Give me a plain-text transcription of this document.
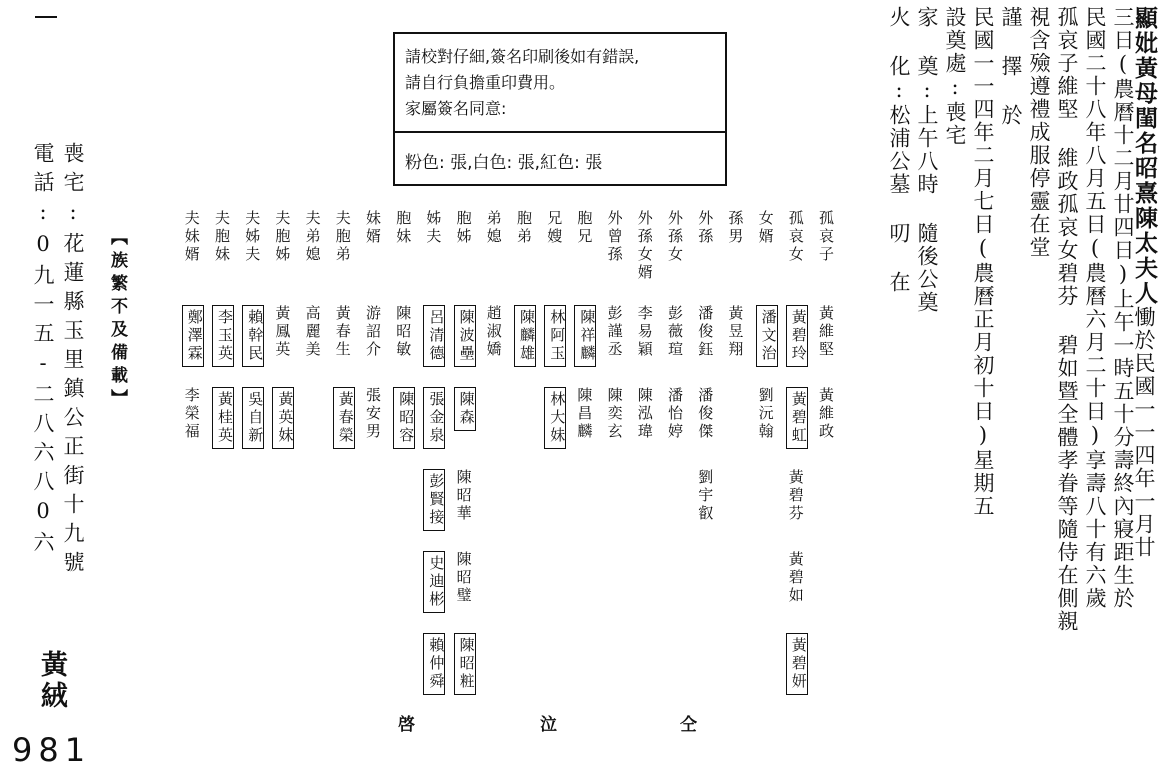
顯妣黃母閨名昭熹陳太夫人慟於民國一一四年一月廿
三日(農曆十二月廿四日)上午一時五十分壽終內寢距生於
民國二十八年八月五日(農曆六月二十日)享壽八十有六歲
孤哀子維堅 維政孤哀女碧芬 碧如暨全體孝眷等隨侍在側親
視含殮遵禮成服停靈在堂
謹 擇 於
民國一一四年二月七日(農曆正月初十日)星期五
設奠處:喪宅
家 奠:上午八時 隨後公奠
火 化:松浦公墓 叨 在
請校對仔細,簽名印刷後如有錯誤,
請自行負擔重印費用。
家屬簽名同意:
粉色: 張,白色: 張,紅色: 張
孤哀子
黃維堅
黃維政
孤哀女
黃碧玲
黃碧虹
黃碧芬
黃碧如
黃碧妍
女婿
潘文治
劉沅翰
孫男
黃昱翔
外孫
潘俊鈺
潘俊傑
劉宇叡
外孫女
彭薇瑄
潘怡婷
外孫女婿
李易穎
陳泓瑋
外曾孫
彭謹丞
陳奕玄
胞兄
陳祥麟
陳昌麟
兄嫂
林阿玉
林大妹
胞弟
陳麟雄
弟媳
趙淑嬌
胞姊
陳波壘
陳森
陳昭華
陳昭璧
陳昭粧
姊夫
呂清德
張金泉
彭賢接
史迪彬
賴仲舜
胞妹
陳昭敏
陳昭容
妹婿
游詔介
張安男
夫胞弟
黃春生
黃春榮
夫弟媳
高麗美
夫胞姊
黃鳳英
黃英妹
夫姊夫
賴幹民
吳自新
夫胞妹
李玉英
黃桂英
夫妹婿
鄭澤霖
李榮福
【族繁不及備載】
喪宅:花蓮縣玉里鎮公正街十九號
電話:0九一五-二八六八0六
黃絨
981
啓	泣	仝
